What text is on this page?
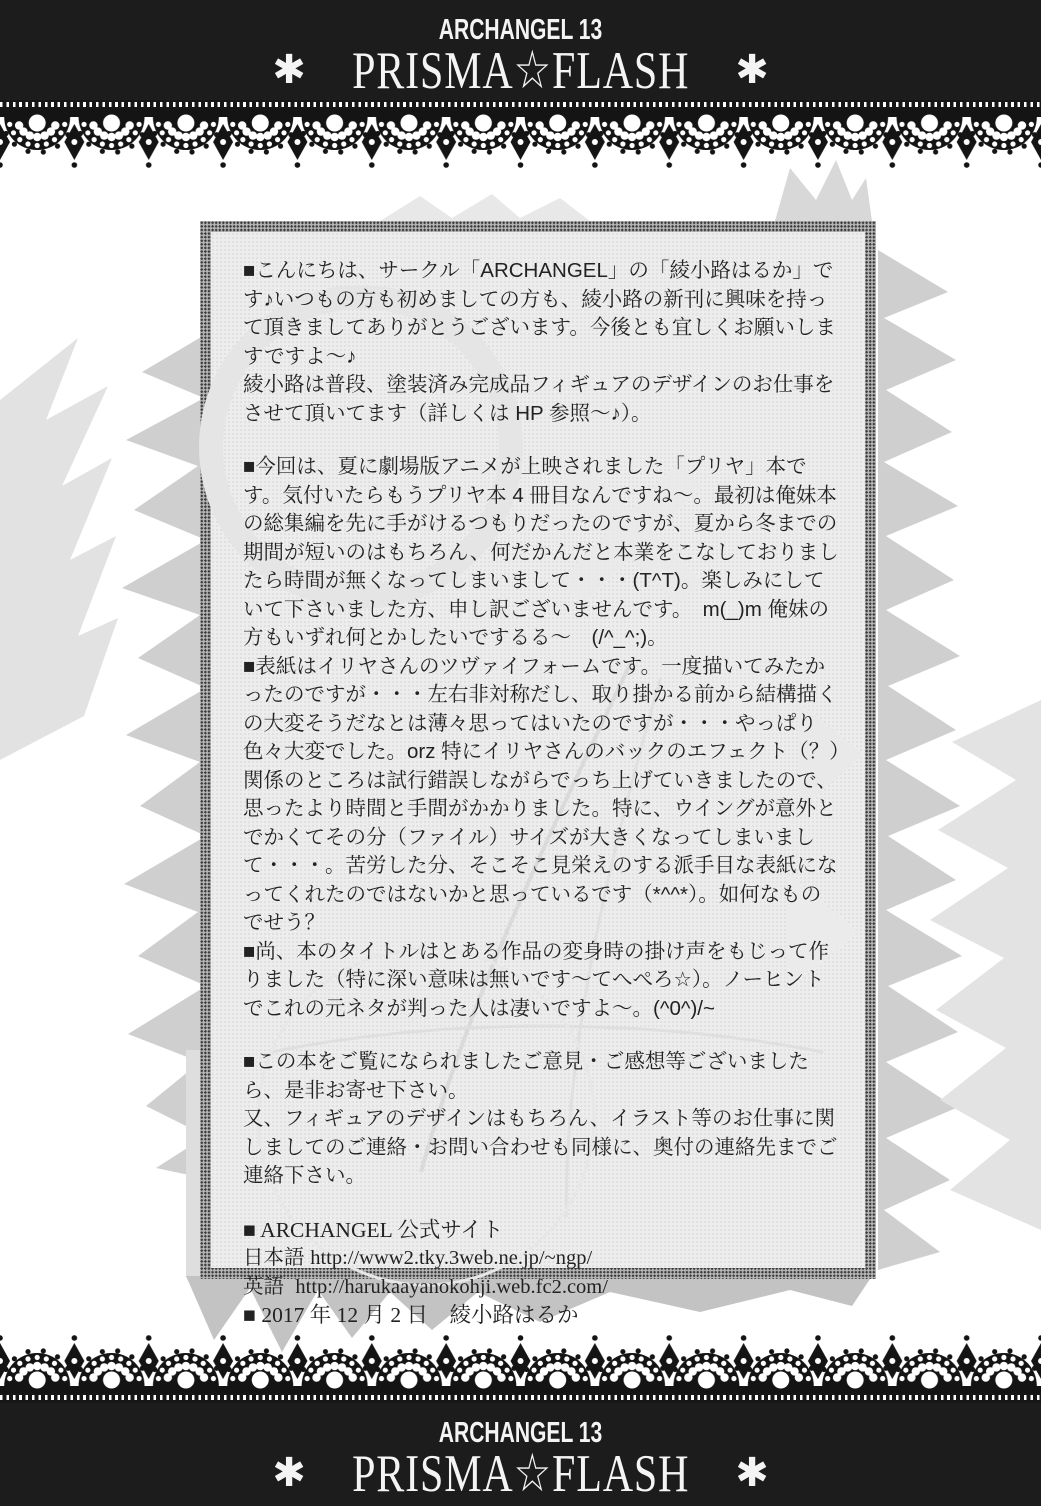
ARCHANGEL 13
✱ PRISMA☆FLASH ✱

■こんにちは、サークル「ARCHANGEL」の「綾小路はるか」です♪いつもの方も初めましての方も、綾小路の新刊に興味を持って頂きましてありがとうございます。今後とも宜しくお願いしますですよ～♪

綾小路は普段、塗装済み完成品フィギュアのデザインのお仕事をさせて頂いてます（詳しくは HP 参照～♪）。

■今回は、夏に劇場版アニメが上映されました「プリヤ」本です。気付いたらもうプリヤ本 4 冊目なんですね～。最初は俺妹本の総集編を先に手がけるつもりだったのですが、夏から冬までの期間が短いのはもちろん、何だかんだと本業をこなしておりましたら時間が無くなってしまいまして・・・(T^T)。楽しみにしていて下さいました方、申し訳ございませんです。　m(_)m 俺妹の方もいずれ何とかしたいでするる～　(/^_^;)。

■表紙はイリヤさんのツヴァイフォームです。一度描いてみたかったのですが・・・左右非対称だし、取り掛かる前から結構描くの大変そうだなとは薄々思ってはいたのですが・・・やっぱり色々大変でした。orz 特にイリヤさんのバックのエフェクト（？）関係のところは試行錯誤しながらでっち上げていきましたので、思ったより時間と手間がかかりました。特に、ウイングが意外とでかくてその分（ファイル）サイズが大きくなってしまいまして・・・。苦労した分、そこそこ見栄えのする派手目な表紙になってくれたのではないかと思っているです（*^^*）。如何なものでせう？

■尚、本のタイトルはとある作品の変身時の掛け声をもじって作りました（特に深い意味は無いです～てへぺろ☆）。ノーヒントでこれの元ネタが判った人は凄いですよ～。(^0^)/~

■この本をご覧になられましたご意見・ご感想等ございましたら、是非お寄せ下さい。

又、フィギュアのデザインはもちろん、イラスト等のお仕事に関しましてのご連絡・お問い合わせも同様に、奥付の連絡先までご連絡下さい。

■ ARCHANGEL 公式サイト

日本語 http://www2.tky.3web.ne.jp/~ngp/

英語 http://harukaayanokohji.web.fc2.com/

■ 2017 年 12 月 2 日　綾小路はるか

ARCHANGEL 13
✱ PRISMA☆FLASH ✱
